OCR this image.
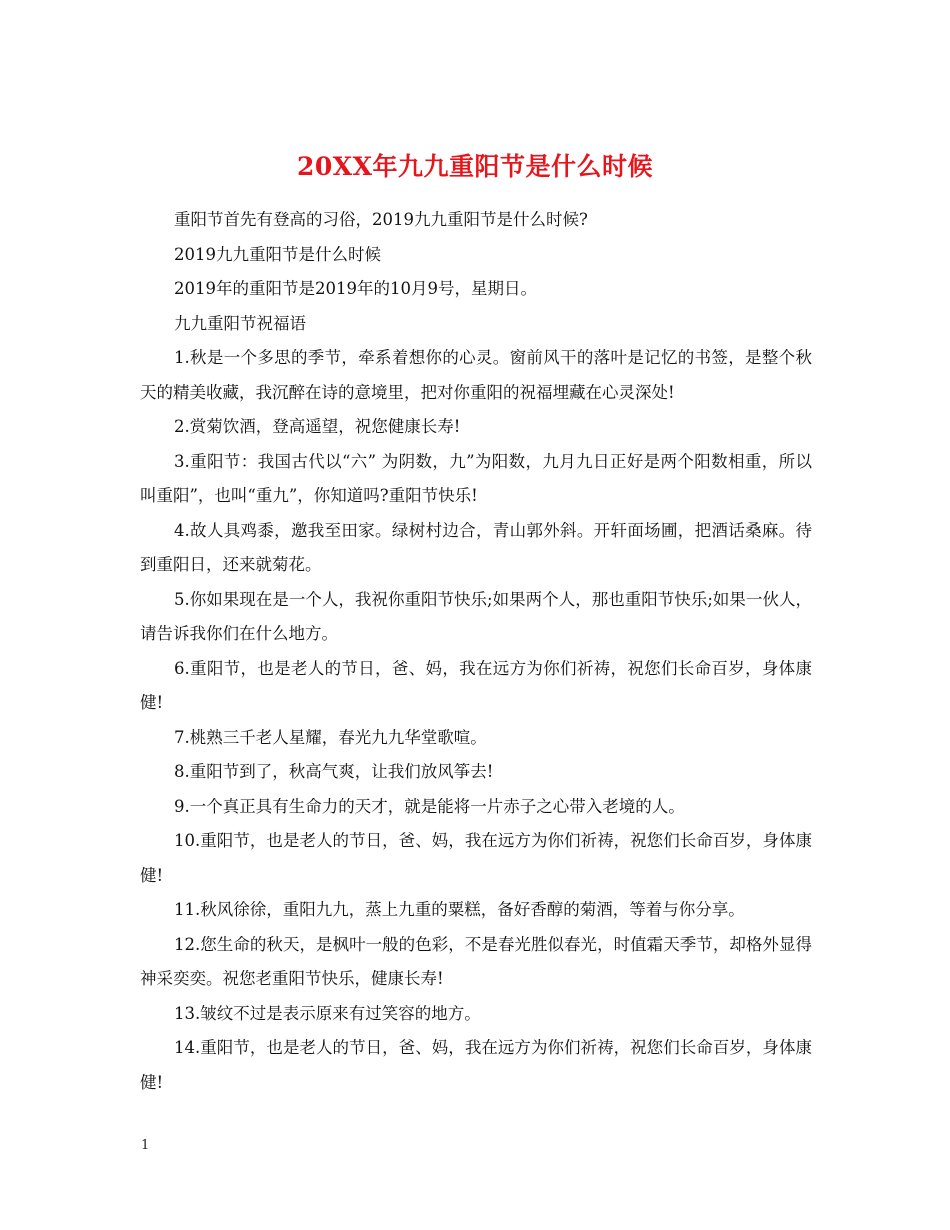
20XX年九九重阳节是什么时候

重阳节首先有登高的习俗，2019九九重阳节是什么时候?

2019九九重阳节是什么时候

2019年的重阳节是2019年的10月9号，星期日。

九九重阳节祝福语

1.秋是一个多思的季节，牵系着想你的心灵。窗前风干的落叶是记忆的书签，是整个秋天的精美收藏，我沉醉在诗的意境里，把对你重阳的祝福埋藏在心灵深处!

2.赏菊饮酒，登高遥望，祝您健康长寿!

3.重阳节：我国古代以“六” 为阴数，九”为阳数，九月九日正好是两个阳数相重，所以叫重阳”，也叫“重九”，你知道吗?重阳节快乐!

4.故人具鸡黍，邀我至田家。绿树村边合，青山郭外斜。开轩面场圃，把酒话桑麻。待到重阳日，还来就菊花。

5.你如果现在是一个人，我祝你重阳节快乐;如果两个人，那也重阳节快乐;如果一伙人，请告诉我你们在什么地方。

6.重阳节，也是老人的节日，爸、妈，我在远方为你们祈祷，祝您们长命百岁，身体康健!

7.桃熟三千老人星耀，春光九九华堂歌喧。

8.重阳节到了，秋高气爽，让我们放风筝去!

9.一个真正具有生命力的天才，就是能将一片赤子之心带入老境的人。

10.重阳节，也是老人的节日，爸、妈，我在远方为你们祈祷，祝您们长命百岁，身体康健!

11.秋风徐徐，重阳九九，蒸上九重的粟糕，备好香醇的菊酒，等着与你分享。

12.您生命的秋天，是枫叶一般的色彩，不是春光胜似春光，时值霜天季节，却格外显得神采奕奕。祝您老重阳节快乐，健康长寿!

13.皱纹不过是表示原来有过笑容的地方。

14.重阳节，也是老人的节日，爸、妈，我在远方为你们祈祷，祝您们长命百岁，身体康健!

1
